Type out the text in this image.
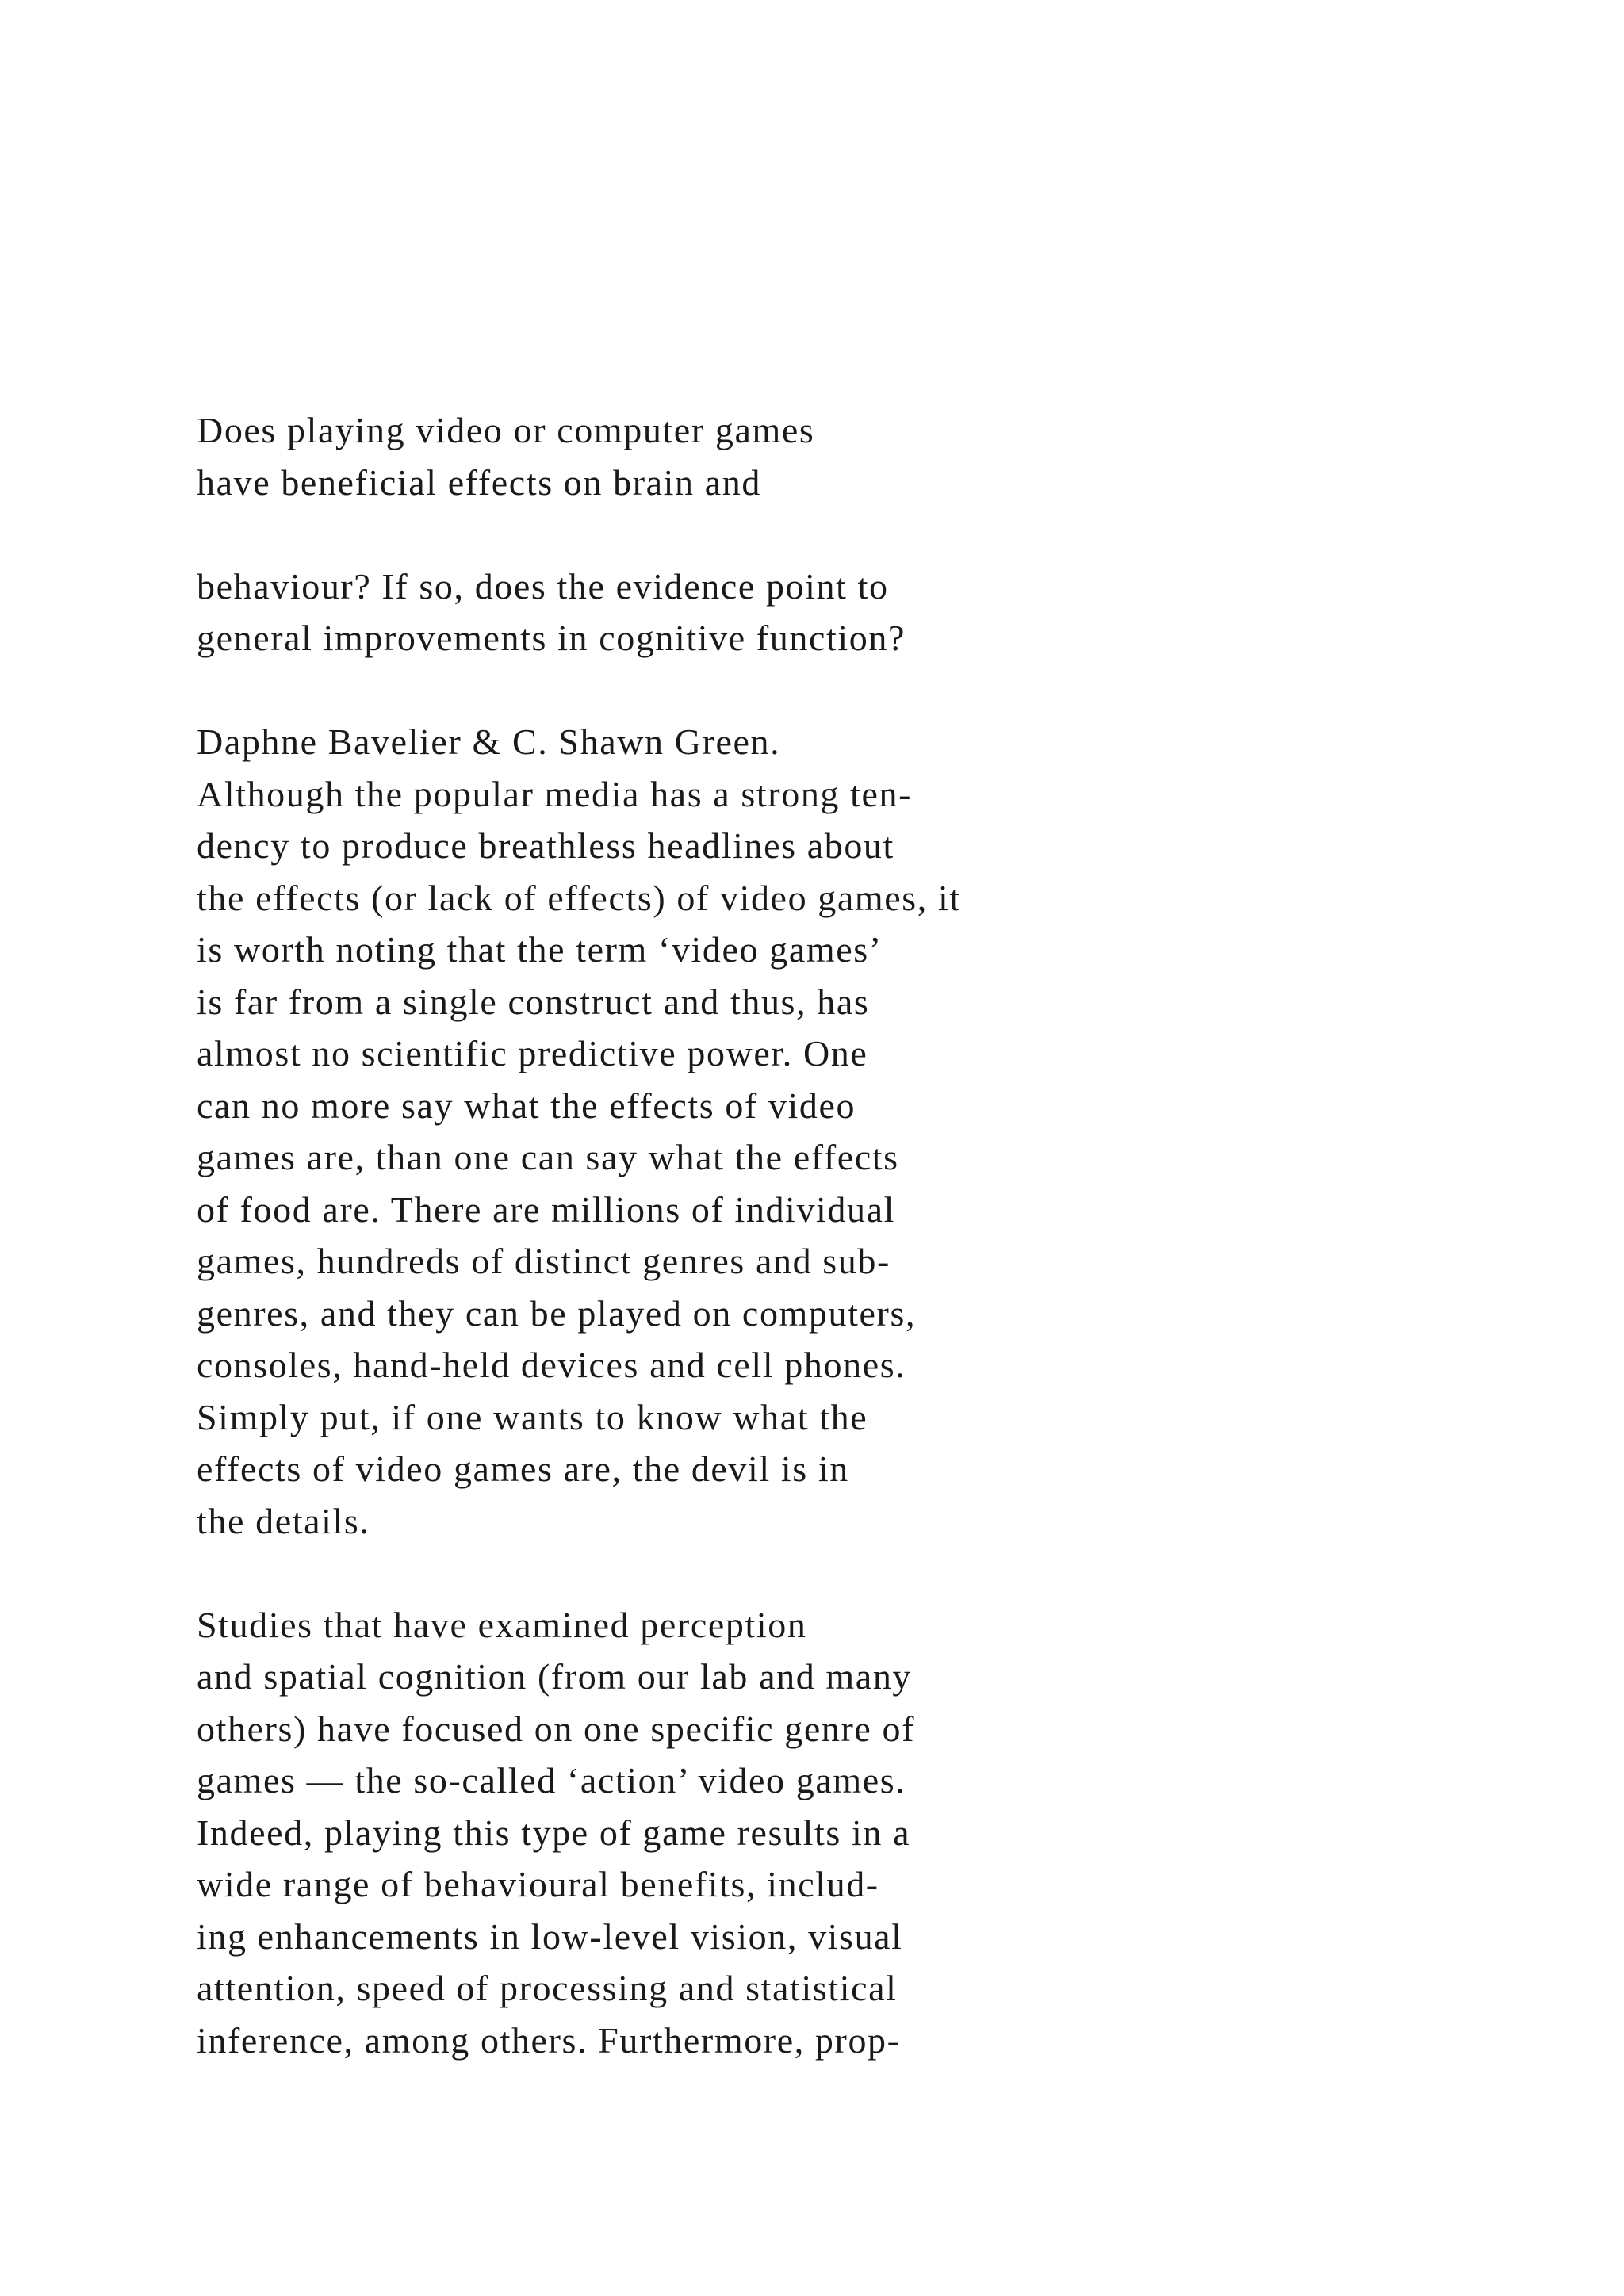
Does playing video or computer games
have beneficial effects on brain and
behaviour? If so, does the evidence point to
general improvements in cognitive function?
Daphne Bavelier & C. Shawn Green.
Although the popular media has a strong ten-
dency to produce breathless headlines about
the effects (or lack of effects) of video games, it
is worth noting that the term ‘video games’
is far from a single construct and thus, has
almost no scientific predictive power. One
can no more say what the effects of video
games are, than one can say what the effects
of food are. There are millions of individual
games, hundreds of distinct genres and sub-
genres, and they can be played on computers,
consoles, hand-held devices and cell phones.
Simply put, if one wants to know what the
effects of video games are, the devil is in
the details.
Studies that have examined perception
and spatial cognition (from our lab and many
others) have focused on one specific genre of
games — the so-called ‘action’ video games.
Indeed, playing this type of game results in a
wide range of behavioural benefits, includ-
ing enhancements in low-level vision, visual
attention, speed of processing and statistical
inference, among others. Furthermore, prop-
